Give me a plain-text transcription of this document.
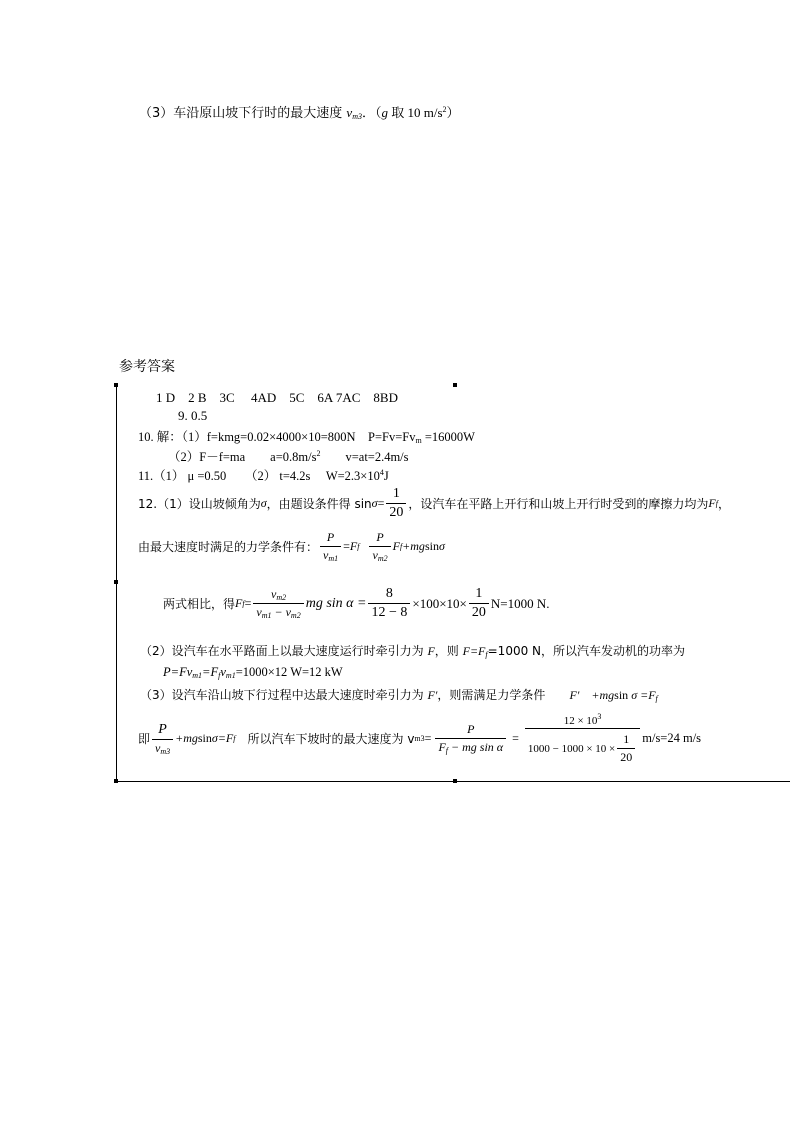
（3）车沿原山坡下行时的最大速度 $v_{m3}$．（g 取 10 $m/s^2$）
参考答案
1 D　2 B　3C　 4AD　5C　6A 7AC　8BD
9. 0.5
10. 解：（1）f=kmg=0.02×4000×10=800N　$P=Fv=Fv_m =16000W$
（2）F－f=ma　　$a=0.8m/s^2$　　v=at=2.4m/s
11.（1） μ =0.50　　（2） t=4.2s　 $W=2.3\times 10^4J$
12.（1）设山坡倾角为 σ ，由题设条件得 $\sin \sigma = \frac{1}{20}$ ，设汽车在平路上开行和山坡上开行时受到的摩擦力均为 F f ，
由最大速度时满足的力学条件有： $\frac{P}{v_{m1}} = F$ f $\frac{P}{v_{m2}}$ F f +mg sin σ
两式相比，得 F $f = \frac{v_{m2}}{v_{m1} - v_{m2}}$ mg $\sin \alpha = \frac{8}{12 - 8} \times 100\times 10\times \frac{1}{20} N=1000$ N.
（2）设汽车在水平路面上以最大速度运行时牵引力为 F，则 $F=F_f=1000$ N，所以汽车发动机的功率为
$P=Fv_{m1}=F_fv_{m1}=1000\times 12$ W=12 kW
（3）设汽车沿山坡下行过程中达最大速度时牵引力为 F′，则需满足力学条件　　F′　+mgsin $\sigma =F_f$
即 $\frac{P}{v_{m3}} +mg$ sin σ =F f 　所以汽车下坡时的最大速度为 v $m3 = \frac{P}{F_f - mg \sin \alpha} = \frac{12 \times 10^3}{1000 - 1000 \times 10 \times \frac{1}{20}} m/s=24$ m/s
